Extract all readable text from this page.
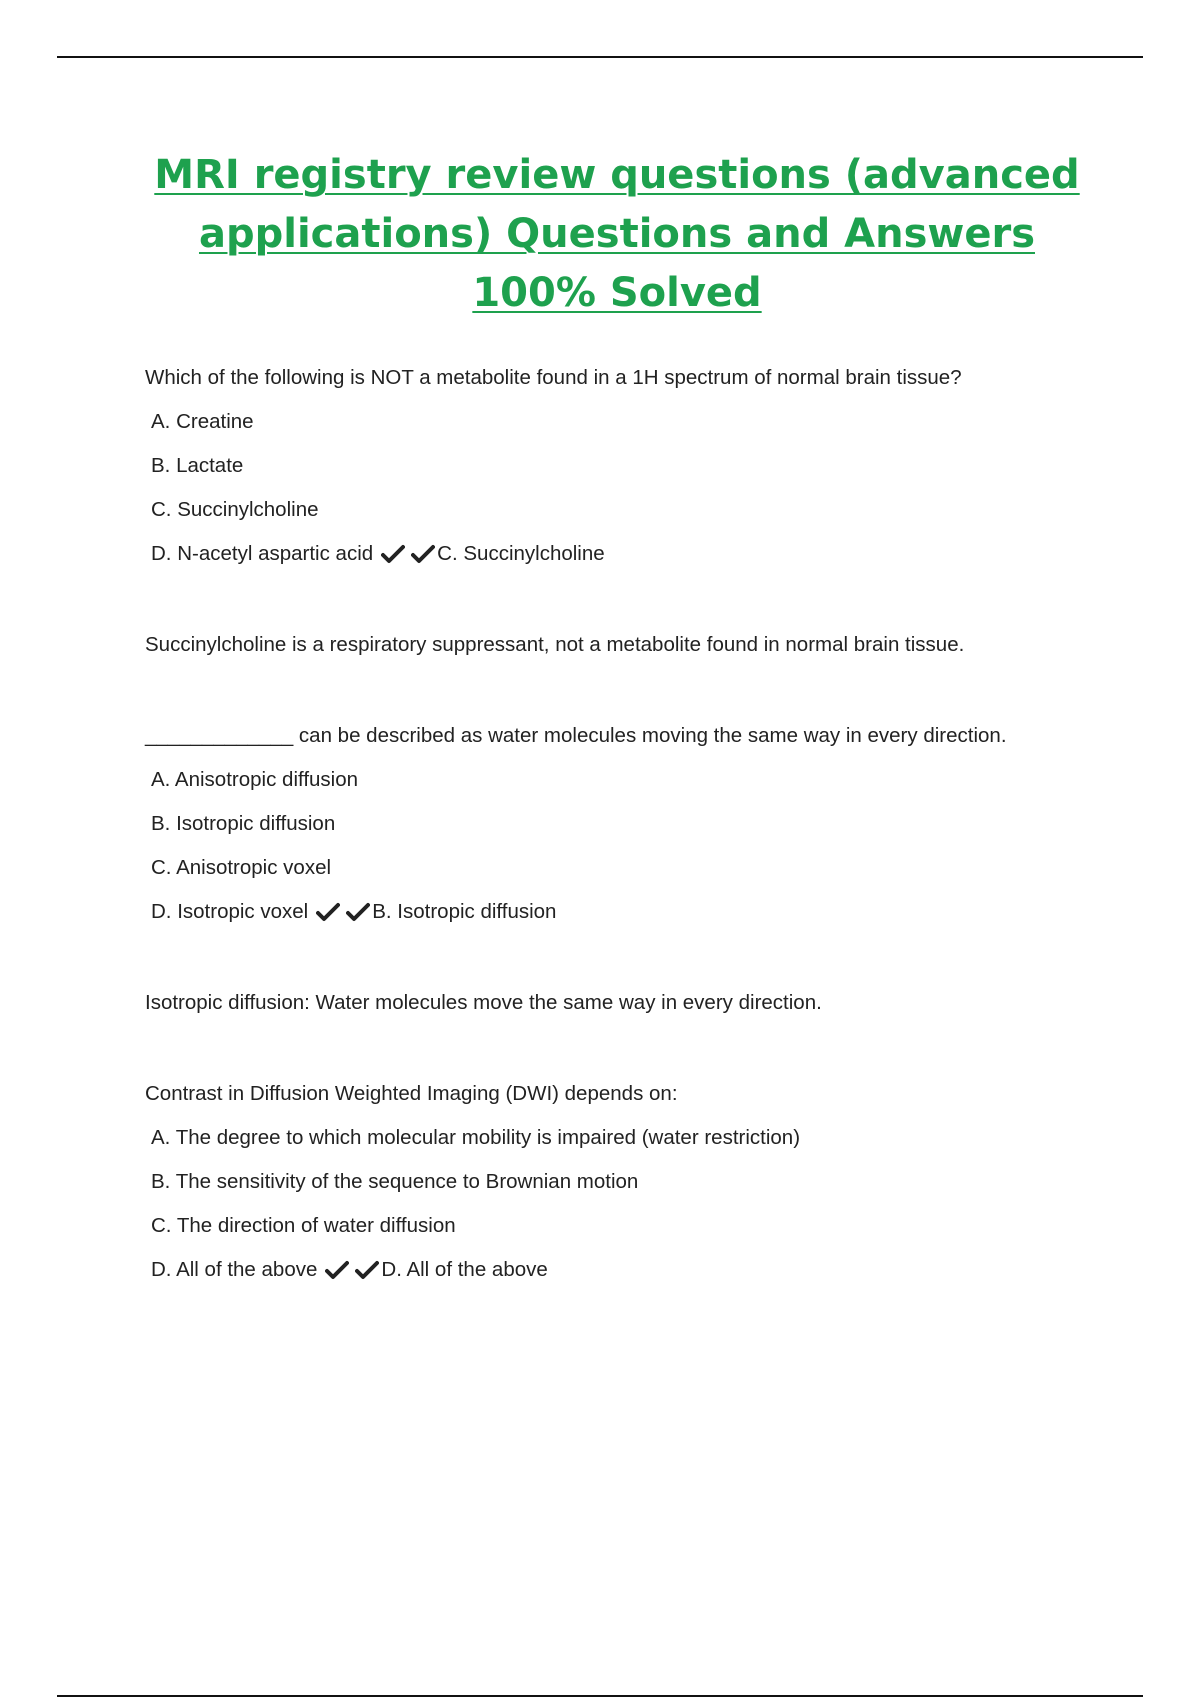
MRI registry review questions (advanced applications) Questions and Answers 100% Solved

Which of the following is NOT a metabolite found in a 1H spectrum of normal brain tissue?

A. Creatine

B. Lactate

C. Succinylcholine

D. N-acetyl aspartic acid	C. Succinylcholine

Succinylcholine is a respiratory suppressant, not a metabolite found in normal brain tissue.

_____________ can be described as water molecules moving the same way in every direction.

A. Anisotropic diffusion

B. Isotropic diffusion

C. Anisotropic voxel

D. Isotropic voxel	B. Isotropic diffusion

Isotropic diffusion: Water molecules move the same way in every direction.

Contrast in Diffusion Weighted Imaging (DWI) depends on:

A. The degree to which molecular mobility is impaired (water restriction)

B. The sensitivity of the sequence to Brownian motion

C. The direction of water diffusion

D. All of the above	D. All of the above
